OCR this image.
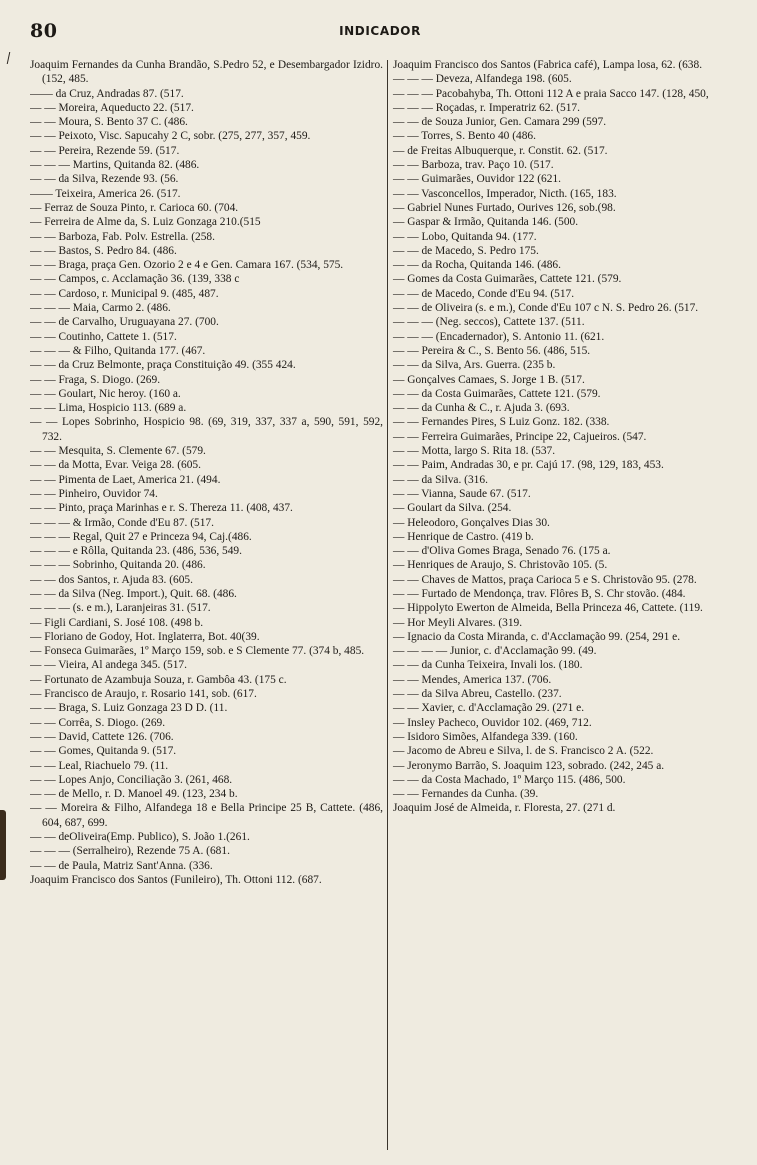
80	INDICADOR
Joaquim Fernandes da Cunha Brandão, S.Pedro 52, e Desembargador Izidro. (152, 485.
—— da Cruz, Andradas 87. (517.
— — Moreira, Aqueducto 22. (517.
— — Moura, S. Bento 37 C. (486.
— — Peixoto, Visc. Sapucahy 2 C, sobr. (275, 277, 357, 459.
— — Pereira, Rezende 59. (517.
— — — Martins, Quitanda 82. (486.
— — da Silva, Rezende 93. (56.
—— Teixeira, America 26. (517.
— Ferraz de Souza Pinto, r. Carioca 60. (704.
— Ferreira de Alme da, S. Luiz Gonzaga 210.(515
— — Barboza, Fab. Polv. Estrella. (258.
— — Bastos, S. Pedro 84. (486.
— — Braga, praça Gen. Ozorio 2 e 4 e Gen. Camara 167. (534, 575.
— — Campos, c. Acclamação 36. (139, 338 c
— — Cardoso, r. Municipal 9. (485, 487.
— — — Maia, Carmo 2. (486.
— — de Carvalho, Uruguayana 27. (700.
— — Coutinho, Cattete 1. (517.
— — — & Filho, Quitanda 177. (467.
— — da Cruz Belmonte, praça Constituição 49. (355 424.
— — Fraga, S. Diogo. (269.
— — Goulart, Nic heroy. (160 a.
— — Lima, Hospicio 113. (689 a.
— — Lopes Sobrinho, Hospicio 98. (69, 319, 337, 337 a, 590, 591, 592, 732.
— — Mesquita, S. Clemente 67. (579.
— — da Motta, Evar. Veiga 28. (605.
— — Pimenta de Laet, America 21. (494.
— — Pinheiro, Ouvidor 74.
— — Pinto, praça Marinhas e r. S. Thereza 11. (408, 437.
— — — & Irmão, Conde d'Eu 87. (517.
— — — Regal, Quit 27 e Princeza 94, Caj.(486.
— — — e Rôlla, Quitanda 23. (486, 536, 549.
— — — Sobrinho, Quitanda 20. (486.
— — dos Santos, r. Ajuda 83. (605.
— — da Silva (Neg. Import.), Quit. 68. (486.
— — — (s. e m.), Laranjeiras 31. (517.
— Figli Cardiani, S. José 108. (498 b.
— Floriano de Godoy, Hot. Inglaterra, Bot. 40(39.
— Fonseca Guimarães, 1º Março 159, sob. e S Clemente 77. (374 b, 485.
— — Vieira, Al andega 345. (517.
— Fortunato de Azambuja Souza, r. Gambôa 43. (175 c.
— Francisco de Araujo, r. Rosario 141, sob. (617.
— — Braga, S. Luiz Gonzaga 23 D D. (11.
— — Corrêa, S. Diogo. (269.
— — David, Cattete 126. (706.
— — Gomes, Quitanda 9. (517.
— — Leal, Riachuelo 79. (11.
— — Lopes Anjo, Conciliação 3. (261, 468.
— — de Mello, r. D. Manoel 49. (123, 234 b.
— — Moreira & Filho, Alfandega 18 e Bella Principe 25 B, Cattete. (486, 604, 687, 699.
— — deOliveira(Emp. Publico), S. João 1.(261.
— — — (Serralheiro), Rezende 75 A. (681.
— — de Paula, Matriz Sant'Anna. (336.
Joaquim Francisco dos Santos (Funileiro), Th. Ottoni 112. (687.
Joaquim Francisco dos Santos (Fabrica café), Lampa losa, 62. (638.
— — — Deveza, Alfandega 198. (605.
— — — Pacobahyba, Th. Ottoni 112 A e praia Sacco 147. (128, 450,
— — — Roçadas, r. Imperatriz 62. (517.
— — de Souza Junior, Gen. Camara 299 (597.
— — Torres, S. Bento 40 (486.
— de Freitas Albuquerque, r. Constit. 62. (517.
— — Barboza, trav. Paço 10. (517.
— — Guimarães, Ouvidor 122 (621.
— — Vasconcellos, Imperador, Nicth. (165, 183.
— Gabriel Nunes Furtado, Ourives 126, sob.(98.
— Gaspar & Irmão, Quitanda 146. (500.
— — Lobo, Quitanda 94. (177.
— — de Macedo, S. Pedro 175.
— — da Rocha, Quitanda 146. (486.
— Gomes da Costa Guimarães, Cattete 121. (579.
— — de Macedo, Conde d'Eu 94. (517.
— — de Oliveira (s. e m.), Conde d'Eu 107 c N. S. Pedro 26. (517.
— — — (Neg. seccos), Cattete 137. (511.
— — — (Encadernador), S. Antonio 11. (621.
— — Pereira & C., S. Bento 56. (486, 515.
— — da Silva, Ars. Guerra. (235 b.
— Gonçalves Camaes, S. Jorge 1 B. (517.
— — da Costa Guimarães, Cattete 121. (579.
— — da Cunha & C., r. Ajuda 3. (693.
— — Fernandes Pires, S Luiz Gonz. 182. (338.
— — Ferreira Guimarães, Principe 22, Cajueiros. (547.
— — Motta, largo S. Rita 18. (537.
— — Paim, Andradas 30, e pr. Cajú 17. (98, 129, 183, 453.
— — da Silva. (316.
— — Vianna, Saude 67. (517.
— Goulart da Silva. (254.
— Heleodoro, Gonçalves Dias 30.
— Henrique de Castro. (419 b.
— — d'Oliva Gomes Braga, Senado 76. (175 a.
— Henriques de Araujo, S. Christovão 105. (5.
— — Chaves de Mattos, praça Carioca 5 e S. Christovão 95. (278.
— — Furtado de Mendonça, trav. Flôres B, S. Chr stovão. (484.
— Hippolyto Ewerton de Almeida, Bella Princeza 46, Cattete. (119.
— Hor Meyli Alvares. (319.
— Ignacio da Costa Miranda, c. d'Acclamação 99. (254, 291 e.
— — — — Junior, c. d'Acclamação 99. (49.
— — da Cunha Teixeira, Invali los. (180.
— — Mendes, America 137. (706.
— — da Silva Abreu, Castello. (237.
— — Xavier, c. d'Acclamação 29. (271 e.
— Insley Pacheco, Ouvidor 102. (469, 712.
— Isidoro Simões, Alfandega 339. (160.
— Jacomo de Abreu e Silva, l. de S. Francisco 2 A. (522.
— Jeronymo Barrão, S. Joaquim 123, sobrado. (242, 245 a.
— — da Costa Machado, 1º Março 115. (486, 500.
— — Fernandes da Cunha. (39.
Joaquim José de Almeida, r. Floresta, 27. (271 d.
